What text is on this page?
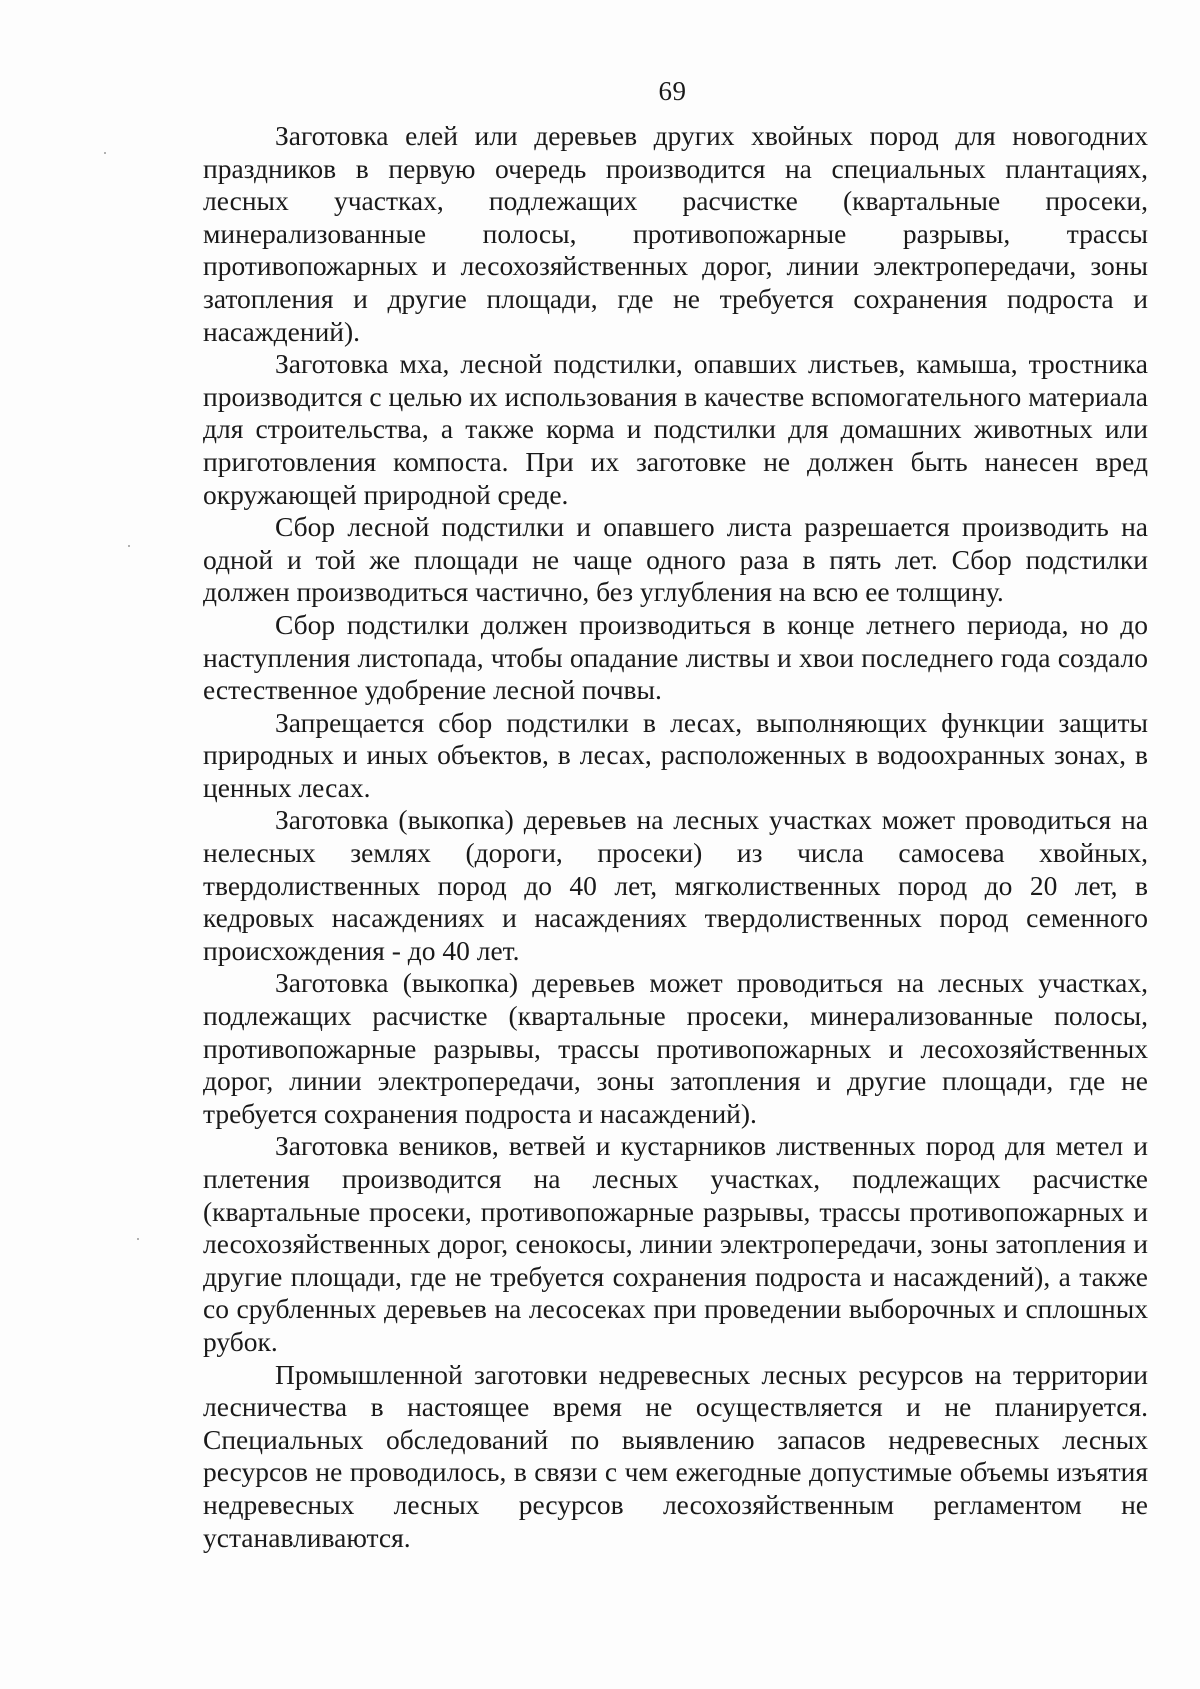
69

Заготовка елей или деревьев других хвойных пород для новогодних праздников в первую очередь производится на специальных плантациях, лесных участках, подлежащих расчистке (квартальные просеки, минерализованные полосы, противопожарные разрывы, трассы противопожарных и лесохозяйственных дорог, линии электропередачи, зоны затопления и другие площади, где не требуется сохранения подроста и насаждений).

Заготовка мха, лесной подстилки, опавших листьев, камыша, тростника производится с целью их использования в качестве вспомогательного материала для строительства, а также корма и подстилки для домашних животных или приготовления компоста. При их заготовке не должен быть нанесен вред окружающей природной среде.

Сбор лесной подстилки и опавшего листа разрешается производить на одной и той же площади не чаще одного раза в пять лет. Сбор подстилки должен производиться частично, без углубления на всю ее толщину.

Сбор подстилки должен производиться в конце летнего периода, но до наступления листопада, чтобы опадание листвы и хвои последнего года создало естественное удобрение лесной почвы.

Запрещается сбор подстилки в лесах, выполняющих функции защиты природных и иных объектов, в лесах, расположенных в водоохранных зонах, в ценных лесах.

Заготовка (выкопка) деревьев на лесных участках может проводиться на нелесных землях (дороги, просеки) из числа самосева хвойных, твердолиственных пород до 40 лет, мягколиственных пород до 20 лет, в кедровых насаждениях и насаждениях твердолиственных пород семенного происхождения - до 40 лет.

Заготовка (выкопка) деревьев может проводиться на лесных участках, подлежащих расчистке (квартальные просеки, минерализованные полосы, противопожарные разрывы, трассы противопожарных и лесохозяйственных дорог, линии электропередачи, зоны затопления и другие площади, где не требуется сохранения подроста и насаждений).

Заготовка веников, ветвей и кустарников лиственных пород для метел и плетения производится на лесных участках, подлежащих расчистке (квартальные просеки, противопожарные разрывы, трассы противопожарных и лесохозяйственных дорог, сенокосы, линии электропередачи, зоны затопления и другие площади, где не требуется сохранения подроста и насаждений), а также со срубленных деревьев на лесосеках при проведении выборочных и сплошных рубок.

Промышленной заготовки недревесных лесных ресурсов на территории лесничества в настоящее время не осуществляется и не планируется. Специальных обследований по выявлению запасов недревесных лесных ресурсов не проводилось, в связи с чем ежегодные допустимые объемы изъятия недревесных лесных ресурсов лесохозяйственным регламентом не устанавливаются.
